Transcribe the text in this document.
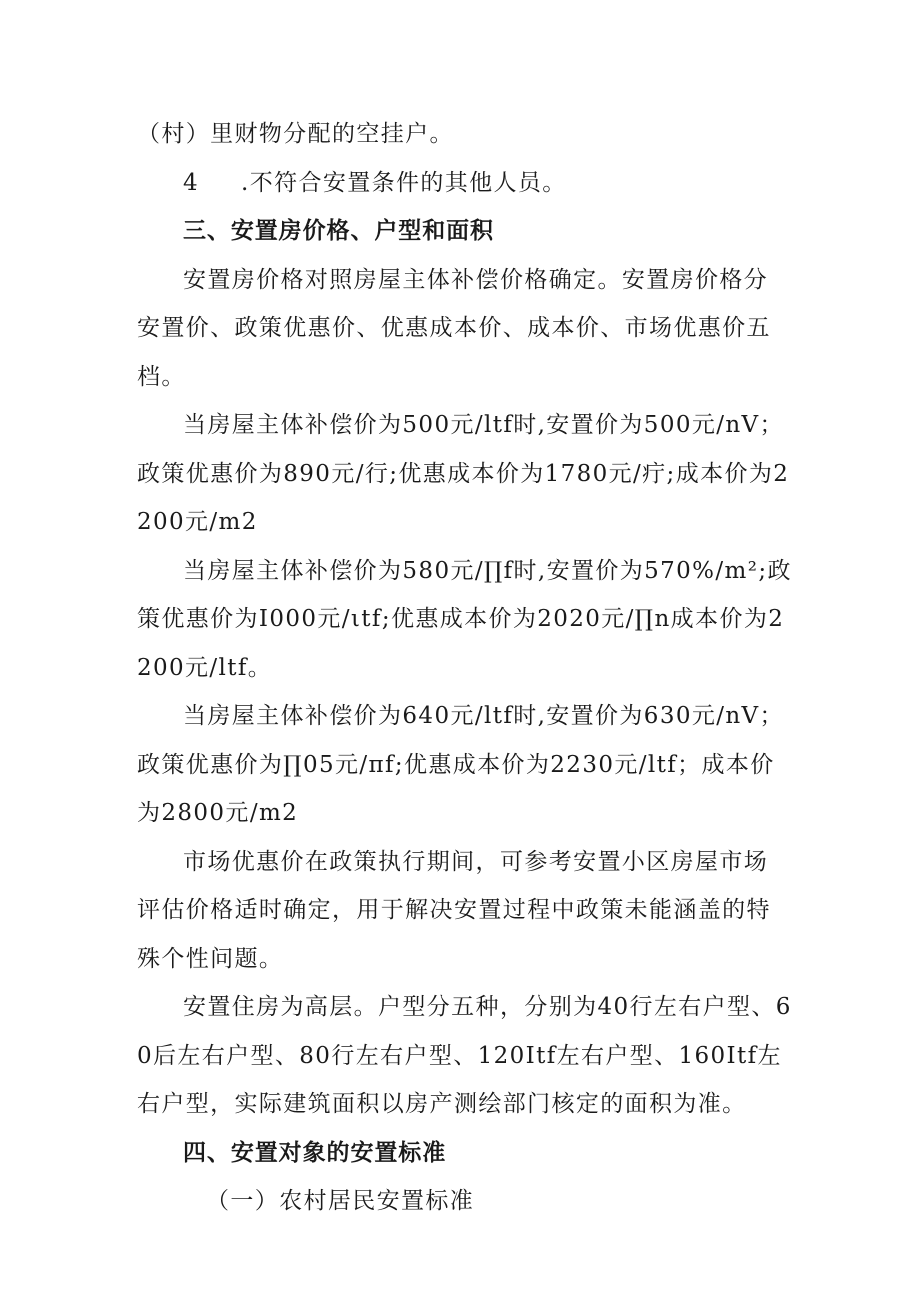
（村）里财物分配的空挂户。

4 .不符合安置条件的其他人员。

三、安置房价格、户型和面积

安置房价格对照房屋主体补偿价格确定。安置房价格分安置价、政策优惠价、优惠成本价、成本价、市场优惠价五档。

当房屋主体补偿价为500元/ltf时,安置价为500元/nV；政策优惠价为890元/行;优惠成本价为1780元/疔;成本价为2200元/m2

当房屋主体补偿价为580元/∏f时,安置价为570%/m²;政策优惠价为I000元/ιtf;优惠成本价为2020元/∏n成本价为2200元/ltf。

当房屋主体补偿价为640元/ltf时,安置价为630元/nV；政策优惠价为∏05元/πf;优惠成本价为2230元/ltf；成本价为2800元/m2

市场优惠价在政策执行期间，可参考安置小区房屋市场评估价格适时确定，用于解决安置过程中政策未能涵盖的特殊个性问题。

安置住房为高层。户型分五种，分别为40行左右户型、60后左右户型、80行左右户型、120Itf左右户型、160Itf左右户型，实际建筑面积以房产测绘部门核定的面积为准。

四、安置对象的安置标准

（一）农村居民安置标准
